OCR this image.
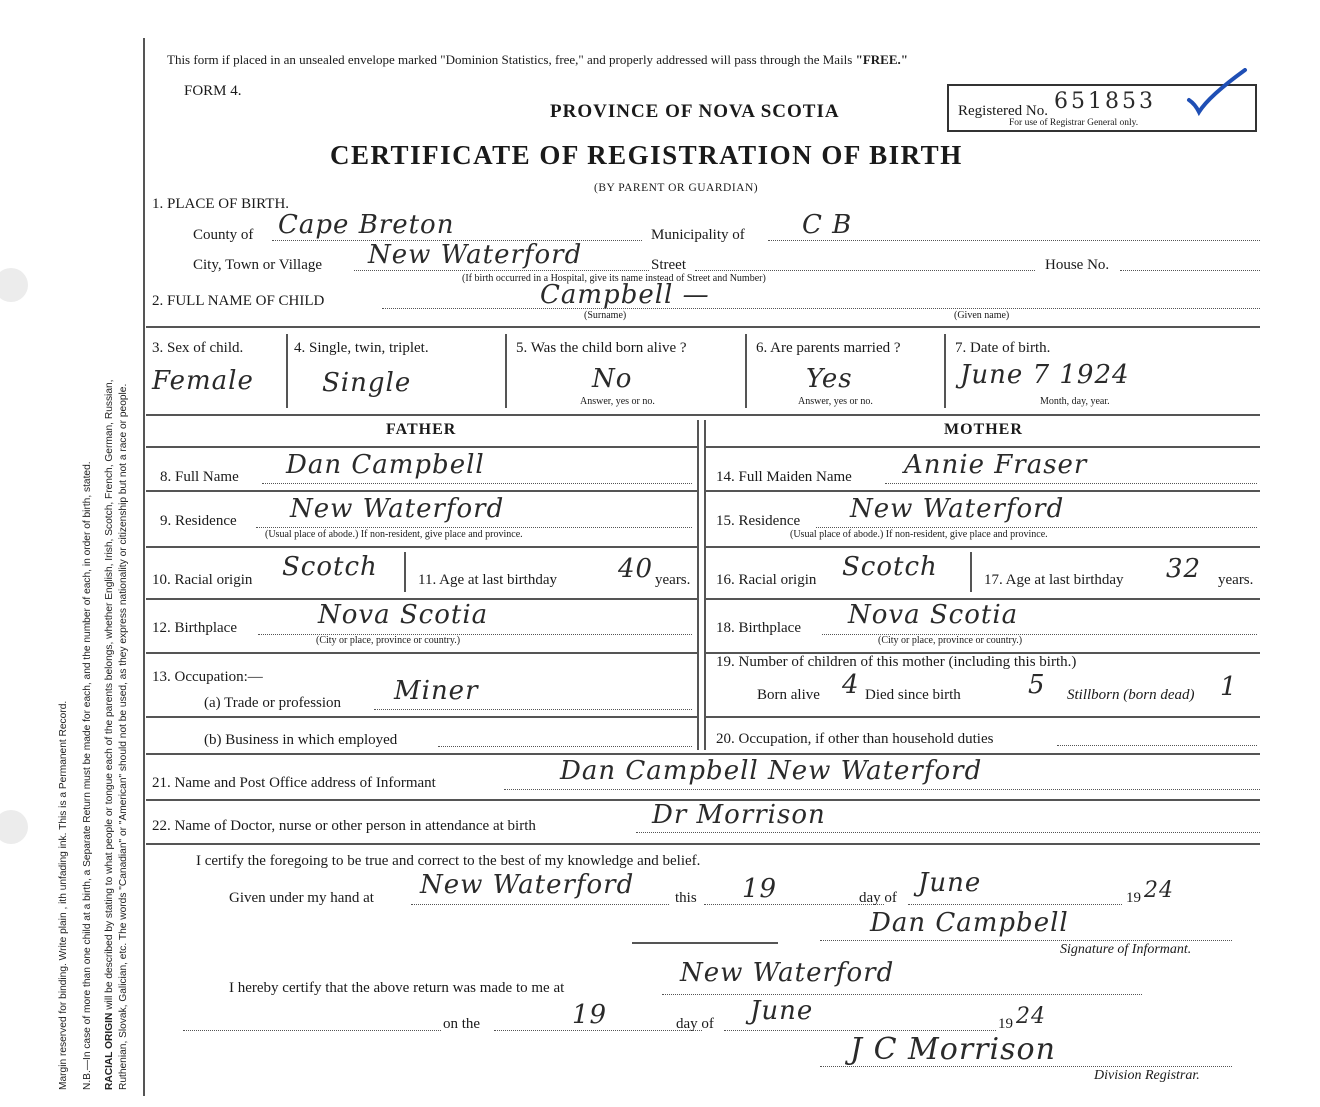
Margin reserved for binding. Write plain , ith unfading ink. This is a Permanent Record. N.B.—In case of more than one child at a birth, a Separate Return must be made for each, and the number of each, in order of birth, stated. RACIAL ORIGIN will be described by stating to what people or tongue each of the parents belongs, whether English, Irish, Scotch, French, German, Russian, Ruthenian, Slovak, Galician, etc. The words "Canadian" or "American" should not be used, as they express nationality or citizenship but not a race or people.
This form if placed in an unsealed envelope marked "Dominion Statistics, free," and properly addressed will pass through the Mails "FREE."
FORM 4.
PROVINCE OF NOVA SCOTIA
CERTIFICATE OF REGISTRATION OF BIRTH
(BY PARENT OR GUARDIAN)
Registered No. 651853
For use of Registrar General only.
1. PLACE OF BIRTH.
County of Cape Breton	Municipality of C B
City, Town or Village New Waterford	Street	House No.
(If birth occurred in a Hospital, give its name instead of Street and Number)
2. FULL NAME OF CHILD	Campbell —
(Surname)	(Given name)
3. Sex of child.
Female
4. Single, twin, triplet.
Single
5. Was the child born alive ?
No
Answer, yes or no.
6. Are parents married ?
Yes
Answer, yes or no.
7. Date of birth.
June 7 1924
Month, day, year.
FATHER	MOTHER
8. Full Name Dan Campbell	14. Full Maiden Name Annie Fraser
9. Residence New Waterford
(Usual place of abode.) If non-resident, give place and province.
15. Residence New Waterford
(Usual place of abode.) If non-resident, give place and province.
10. Racial origin Scotch	11. Age at last birthday 40 years. 16. Racial origin Scotch	17. Age at last birthday 32 years.
12. Birthplace	Nova Scotia
(City or place, province or country.)
18. Birthplace Nova Scotia
(City or place, province or country.)
13. Occupation:—
(a) Trade or profession Miner
19. Number of children of this mother (including this birth.)
Born alive 4 Died since birth	5 Stillborn (born dead) 1
(b) Business in which employed	20. Occupation, if other than household duties
21. Name and Post Office address of Informant	Dan Campbell New Waterford
22. Name of Doctor, nurse or other person in attendance at birth	Dr Morrison
I certify the foregoing to be true and correct to the best of my knowledge and belief.
Given under my hand at New Waterford	this 19	day of June	19 24
Dan Campbell
Signature of Informant.
I hereby certify that the above return was made to me at	New Waterford
on the	19	day of June	19 24
J C Morrison
Division Registrar.
